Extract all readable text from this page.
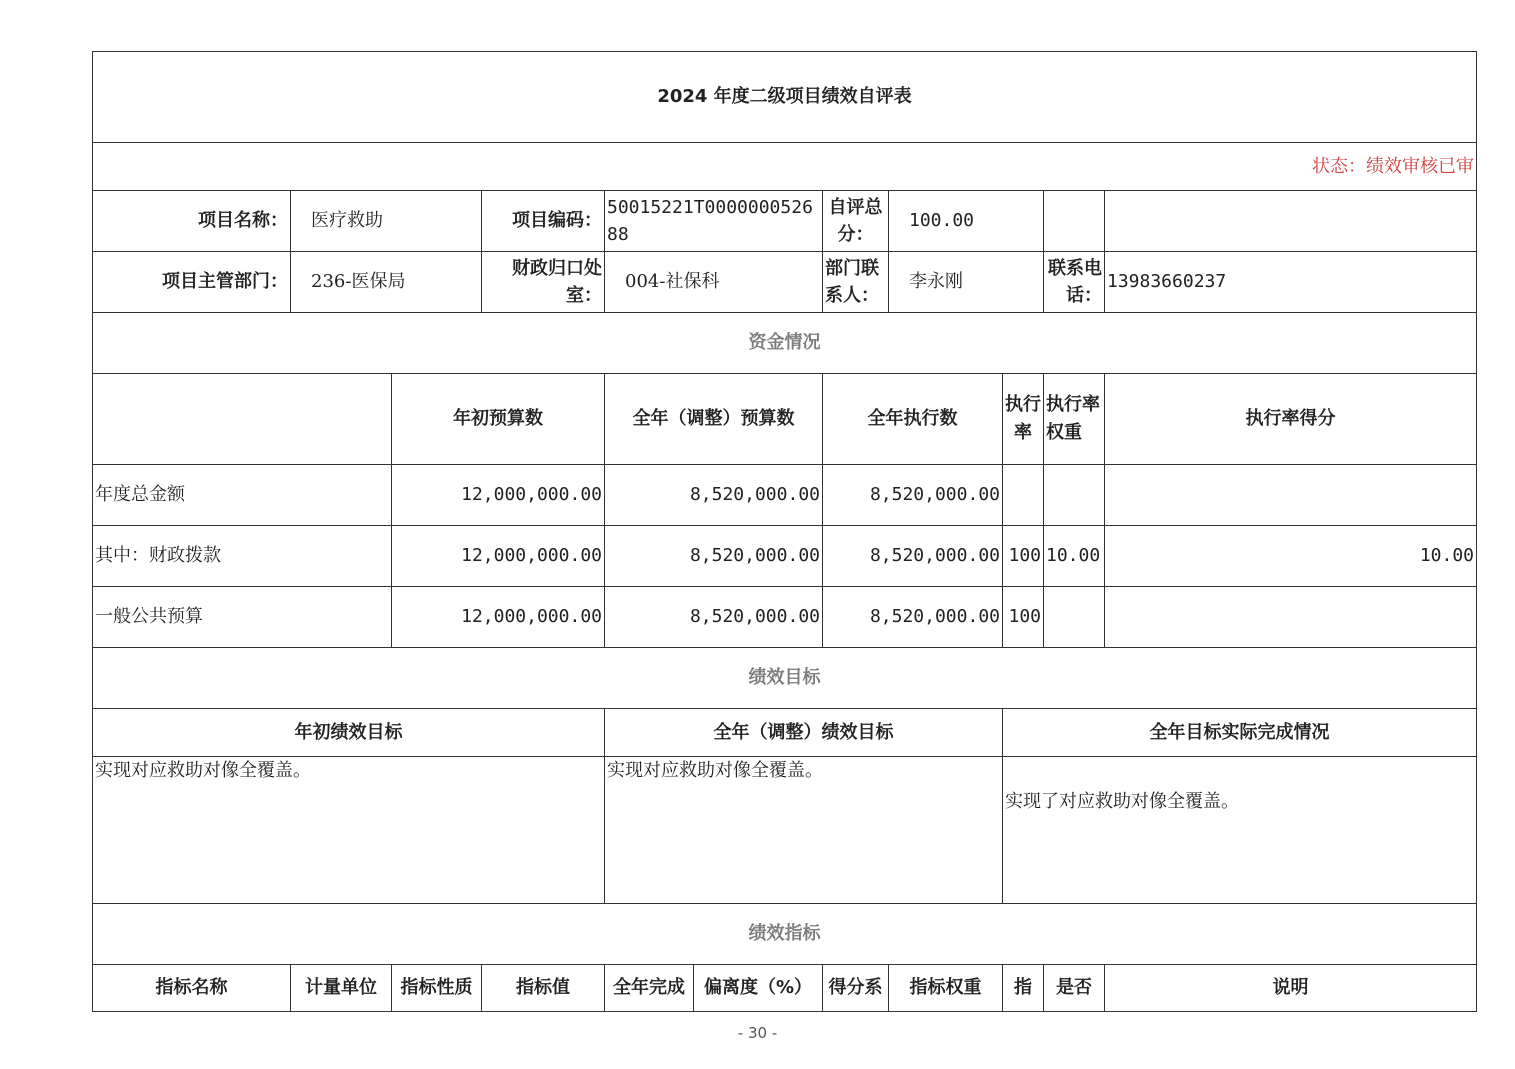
2024 年度二级项目绩效自评表										
状态：绩效审核已审										
项目名称：	医疗救助		项目编码：	50015221T000000052688		自评总分：	100.00			
项目主管部门：	236-医保局		财政归口处室：	004-社保科		部门联系人：	李永刚		联系电话：	13983660237
资金情况										
		年初预算数		全年（调整）预算数		全年执行数		执行率	执行率权重	执行率得分
年度总金额		12,000,000.00		8,520,000.00		8,520,000.00				
其中：财政拨款		12,000,000.00		8,520,000.00		8,520,000.00		100	10.00	10.00
一般公共预算		12,000,000.00		8,520,000.00		8,520,000.00		100		
绩效目标										
年初绩效目标				全年（调整）绩效目标				全年目标实际完成情况		
实现对应救助对像全覆盖。				实现对应救助对像全覆盖。				实现了对应救助对像全覆盖。		
绩效指标										
指标名称	计量单位	指标性质	指标值	全年完成	偏离度（%）	得分系	指标权重	指	是否	说明
- 30 -
